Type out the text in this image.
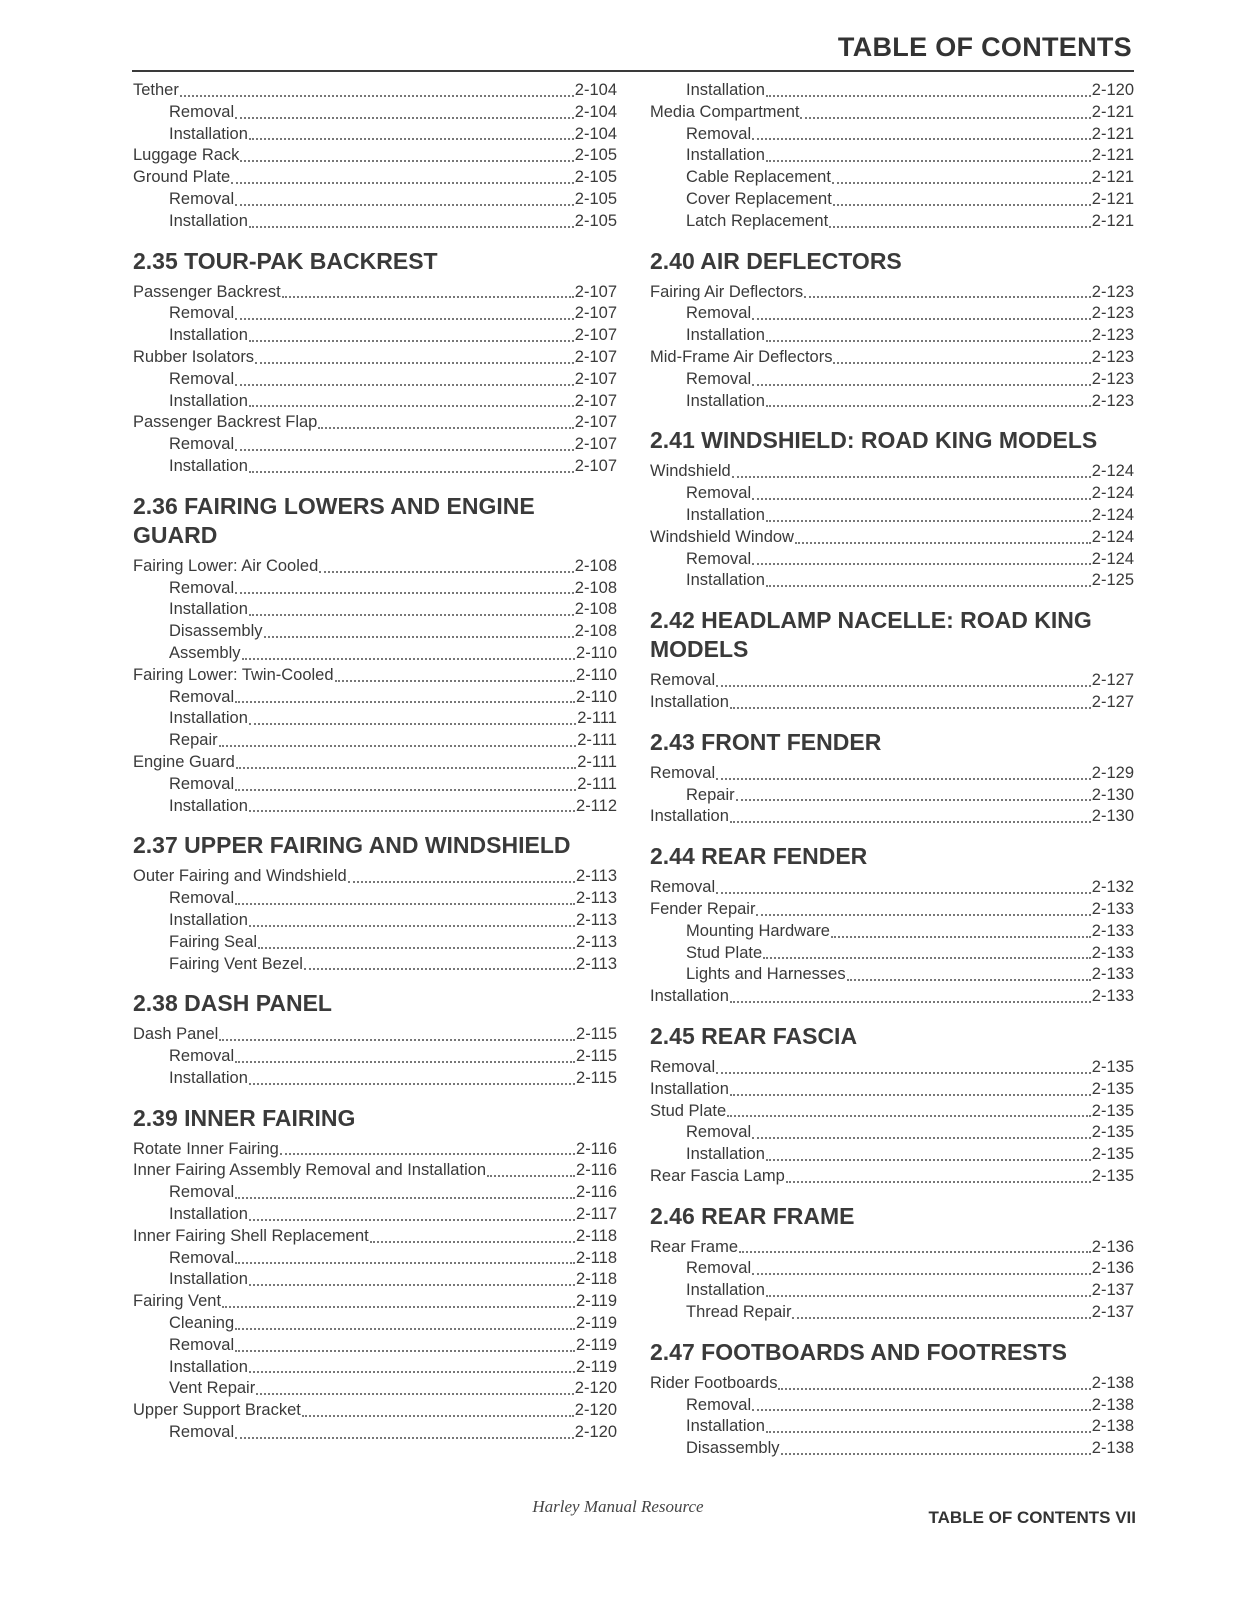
TABLE OF CONTENTS
Tether	2-104
Removal	2-104
Installation	2-104
Luggage Rack	2-105
Ground Plate	2-105
Removal	2-105
Installation	2-105
2.35 TOUR-PAK BACKREST
Passenger Backrest	2-107
Removal	2-107
Installation	2-107
Rubber Isolators	2-107
Removal	2-107
Installation	2-107
Passenger Backrest Flap	2-107
Removal	2-107
Installation	2-107
2.36 FAIRING LOWERS AND ENGINE GUARD
Fairing Lower: Air Cooled	2-108
Removal	2-108
Installation	2-108
Disassembly	2-108
Assembly	2-110
Fairing Lower: Twin-Cooled	2-110
Removal	2-110
Installation	2-111
Repair	2-111
Engine Guard	2-111
Removal	2-111
Installation	2-112
2.37 UPPER FAIRING AND WINDSHIELD
Outer Fairing and Windshield	2-113
Removal	2-113
Installation	2-113
Fairing Seal	2-113
Fairing Vent Bezel	2-113
2.38 DASH PANEL
Dash Panel	2-115
Removal	2-115
Installation	2-115
2.39 INNER FAIRING
Rotate Inner Fairing	2-116
Inner Fairing Assembly Removal and Installation	2-116
Removal	2-116
Installation	2-117
Inner Fairing Shell Replacement	2-118
Removal	2-118
Installation	2-118
Fairing Vent	2-119
Cleaning	2-119
Removal	2-119
Installation	2-119
Vent Repair	2-120
Upper Support Bracket	2-120
Removal	2-120
Installation	2-120
Media Compartment	2-121
Removal	2-121
Installation	2-121
Cable Replacement	2-121
Cover Replacement	2-121
Latch Replacement	2-121
2.40 AIR DEFLECTORS
Fairing Air Deflectors	2-123
Removal	2-123
Installation	2-123
Mid-Frame Air Deflectors	2-123
Removal	2-123
Installation	2-123
2.41 WINDSHIELD: ROAD KING MODELS
Windshield	2-124
Removal	2-124
Installation	2-124
Windshield Window	2-124
Removal	2-124
Installation	2-125
2.42 HEADLAMP NACELLE: ROAD KING MODELS
Removal	2-127
Installation	2-127
2.43 FRONT FENDER
Removal	2-129
Repair	2-130
Installation	2-130
2.44 REAR FENDER
Removal	2-132
Fender Repair	2-133
Mounting Hardware	2-133
Stud Plate	2-133
Lights and Harnesses	2-133
Installation	2-133
2.45 REAR FASCIA
Removal	2-135
Installation	2-135
Stud Plate	2-135
Removal	2-135
Installation	2-135
Rear Fascia Lamp	2-135
2.46 REAR FRAME
Rear Frame	2-136
Removal	2-136
Installation	2-137
Thread Repair	2-137
2.47 FOOTBOARDS AND FOOTRESTS
Rider Footboards	2-138
Removal	2-138
Installation	2-138
Disassembly	2-138
Harley Manual Resource
TABLE OF CONTENTS VII
